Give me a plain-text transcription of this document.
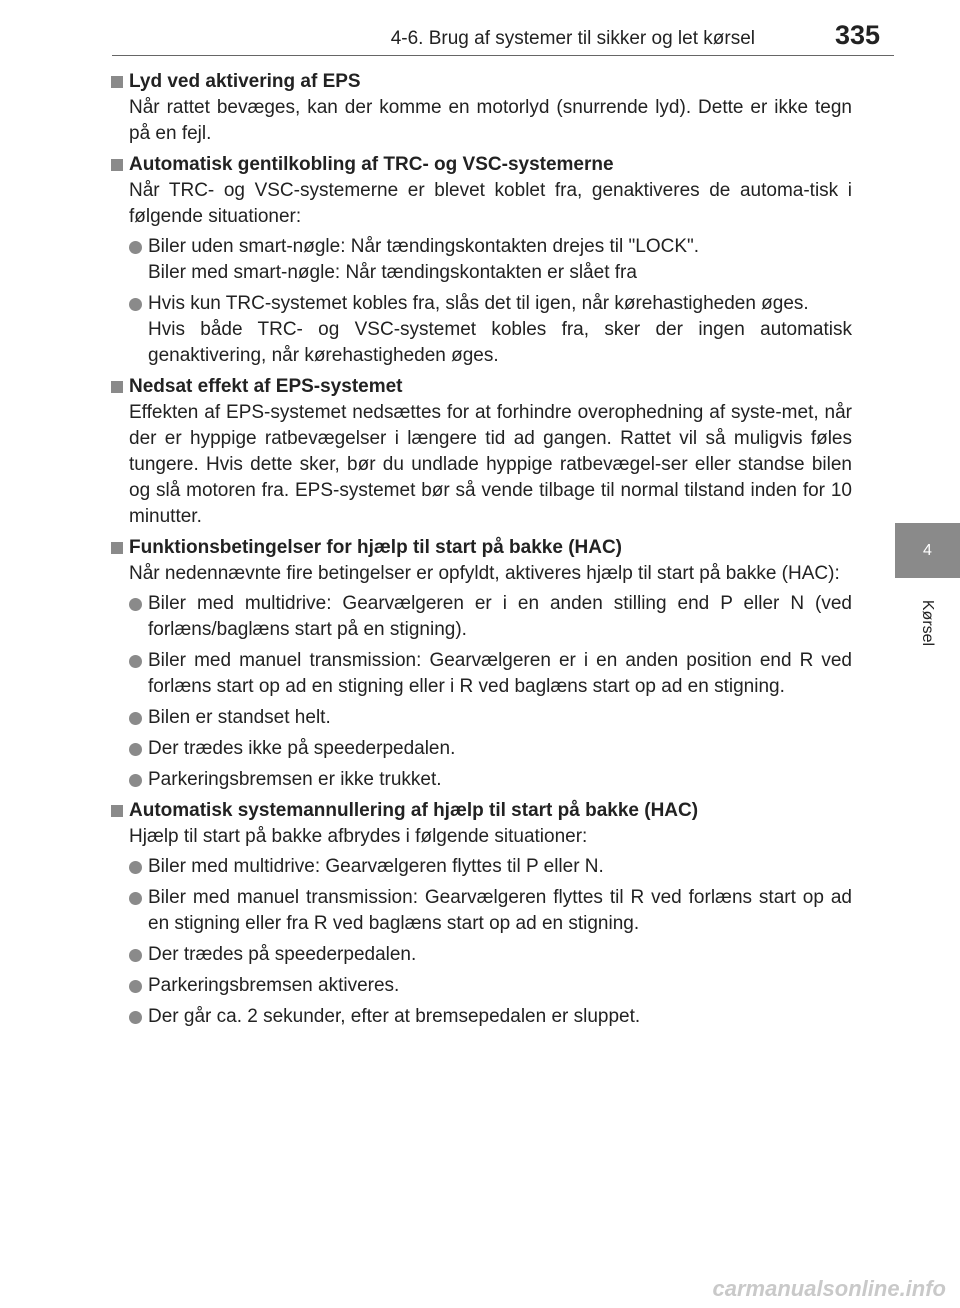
4-6. Brug af systemer til sikker og let kørsel	335
4
Kørsel
Lyd ved aktivering af EPS
Når rattet bevæges, kan der komme en motorlyd (snurrende lyd). Dette er ikke tegn på en fejl.
Automatisk gentilkobling af TRC- og VSC-systemerne
Når TRC- og VSC-systemerne er blevet koblet fra, genaktiveres de automa-tisk i følgende situationer:
Biler uden smart-nøgle: Når tændingskontakten drejes til "LOCK".
Biler med smart-nøgle: Når tændingskontakten er slået fra
Hvis kun TRC-systemet kobles fra, slås det til igen, når kørehastigheden øges.
Hvis både TRC- og VSC-systemet kobles fra, sker der ingen automatisk genaktivering, når kørehastigheden øges.
Nedsat effekt af EPS-systemet
Effekten af EPS-systemet nedsættes for at forhindre overophedning af syste-met, når der er hyppige ratbevægelser i længere tid ad gangen. Rattet vil så muligvis føles tungere. Hvis dette sker, bør du undlade hyppige ratbevægel-ser eller standse bilen og slå motoren fra. EPS-systemet bør så vende tilbage til normal tilstand inden for 10 minutter.
Funktionsbetingelser for hjælp til start på bakke (HAC)
Når nedennævnte fire betingelser er opfyldt, aktiveres hjælp til start på bakke (HAC):
Biler med multidrive: Gearvælgeren er i en anden stilling end P eller N (ved forlæns/baglæns start på en stigning).
Biler med manuel transmission: Gearvælgeren er i en anden position end R ved forlæns start op ad en stigning eller i R ved baglæns start op ad en stigning.
Bilen er standset helt.
Der trædes ikke på speederpedalen.
Parkeringsbremsen er ikke trukket.
Automatisk systemannullering af hjælp til start på bakke (HAC)
Hjælp til start på bakke afbrydes i følgende situationer:
Biler med multidrive: Gearvælgeren flyttes til P eller N.
Biler med manuel transmission: Gearvælgeren flyttes til R ved forlæns start op ad en stigning eller fra R ved baglæns start op ad en stigning.
Der trædes på speederpedalen.
Parkeringsbremsen aktiveres.
Der går ca. 2 sekunder, efter at bremsepedalen er sluppet.
carmanualsonline.info
